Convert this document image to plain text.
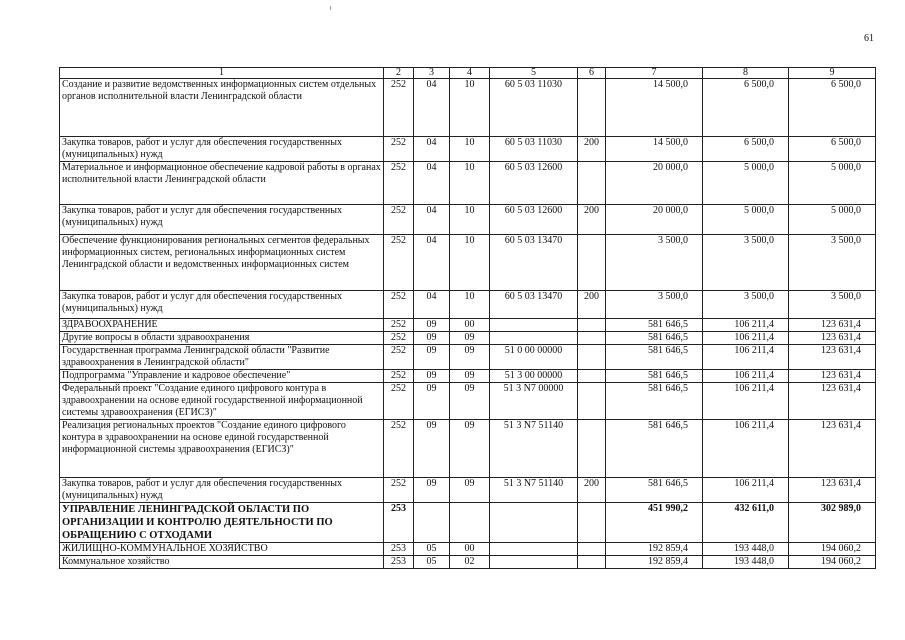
61
1	2	3	4	5	6	7	8	9
Создание и развитие ведомственных информационных систем отдельных органов исполнительной власти Ленинградской области	252	04	10	60 5 03 11030		14 500,0	6 500,0	6 500,0
Закупка товаров, работ и услуг для обеспечения государственных (муниципальных) нужд	252	04	10	60 5 03 11030	200	14 500,0	6 500,0	6 500,0
Материальное и информационное обеспечение кадровой работы в органах исполнительной власти Ленинградской области	252	04	10	60 5 03 12600		20 000,0	5 000,0	5 000,0
Закупка товаров, работ и услуг для обеспечения государственных (муниципальных) нужд	252	04	10	60 5 03 12600	200	20 000,0	5 000,0	5 000,0
Обеспечение функционирования региональных сегментов федеральных информационных систем, региональных информационных систем Ленинградской области и ведомственных информационных систем	252	04	10	60 5 03 13470		3 500,0	3 500,0	3 500,0
Закупка товаров, работ и услуг для обеспечения государственных (муниципальных) нужд	252	04	10	60 5 03 13470	200	3 500,0	3 500,0	3 500,0
ЗДРАВООХРАНЕНИЕ	252	09	00			581 646,5	106 211,4	123 631,4
Другие вопросы в области здравоохранения	252	09	09			581 646,5	106 211,4	123 631,4
Государственная программа Ленинградской области "Развитие здравоохранения в Ленинградской области"	252	09	09	51 0 00 00000		581 646,5	106 211,4	123 631,4
Подпрограмма "Управление и кадровое обеспечение"	252	09	09	51 3 00 00000		581 646,5	106 211,4	123 631,4
Федеральный проект "Создание единого цифрового контура в здравоохранении на основе единой государственной информационной системы здравоохранения (ЕГИСЗ)"	252	09	09	51 3 N7 00000		581 646,5	106 211,4	123 631,4
Реализация региональных проектов "Создание единого цифрового контура в здравоохранении на основе единой государственной информационной системы здравоохранения (ЕГИСЗ)"	252	09	09	51 3 N7 51140		581 646,5	106 211,4	123 631,4
Закупка товаров, работ и услуг для обеспечения государственных (муниципальных) нужд	252	09	09	51 3 N7 51140	200	581 646,5	106 211,4	123 631,4
УПРАВЛЕНИЕ ЛЕНИНГРАДСКОЙ ОБЛАСТИ ПО ОРГАНИЗАЦИИ И КОНТРОЛЮ ДЕЯТЕЛЬНОСТИ ПО ОБРАЩЕНИЮ С ОТХОДАМИ	253					451 990,2	432 611,0	302 989,0
ЖИЛИЩНО-КОММУНАЛЬНОЕ ХОЗЯЙСТВО	253	05	00			192 859,4	193 448,0	194 060,2
Коммунальное хозяйство	253	05	02			192 859,4	193 448,0	194 060,2
